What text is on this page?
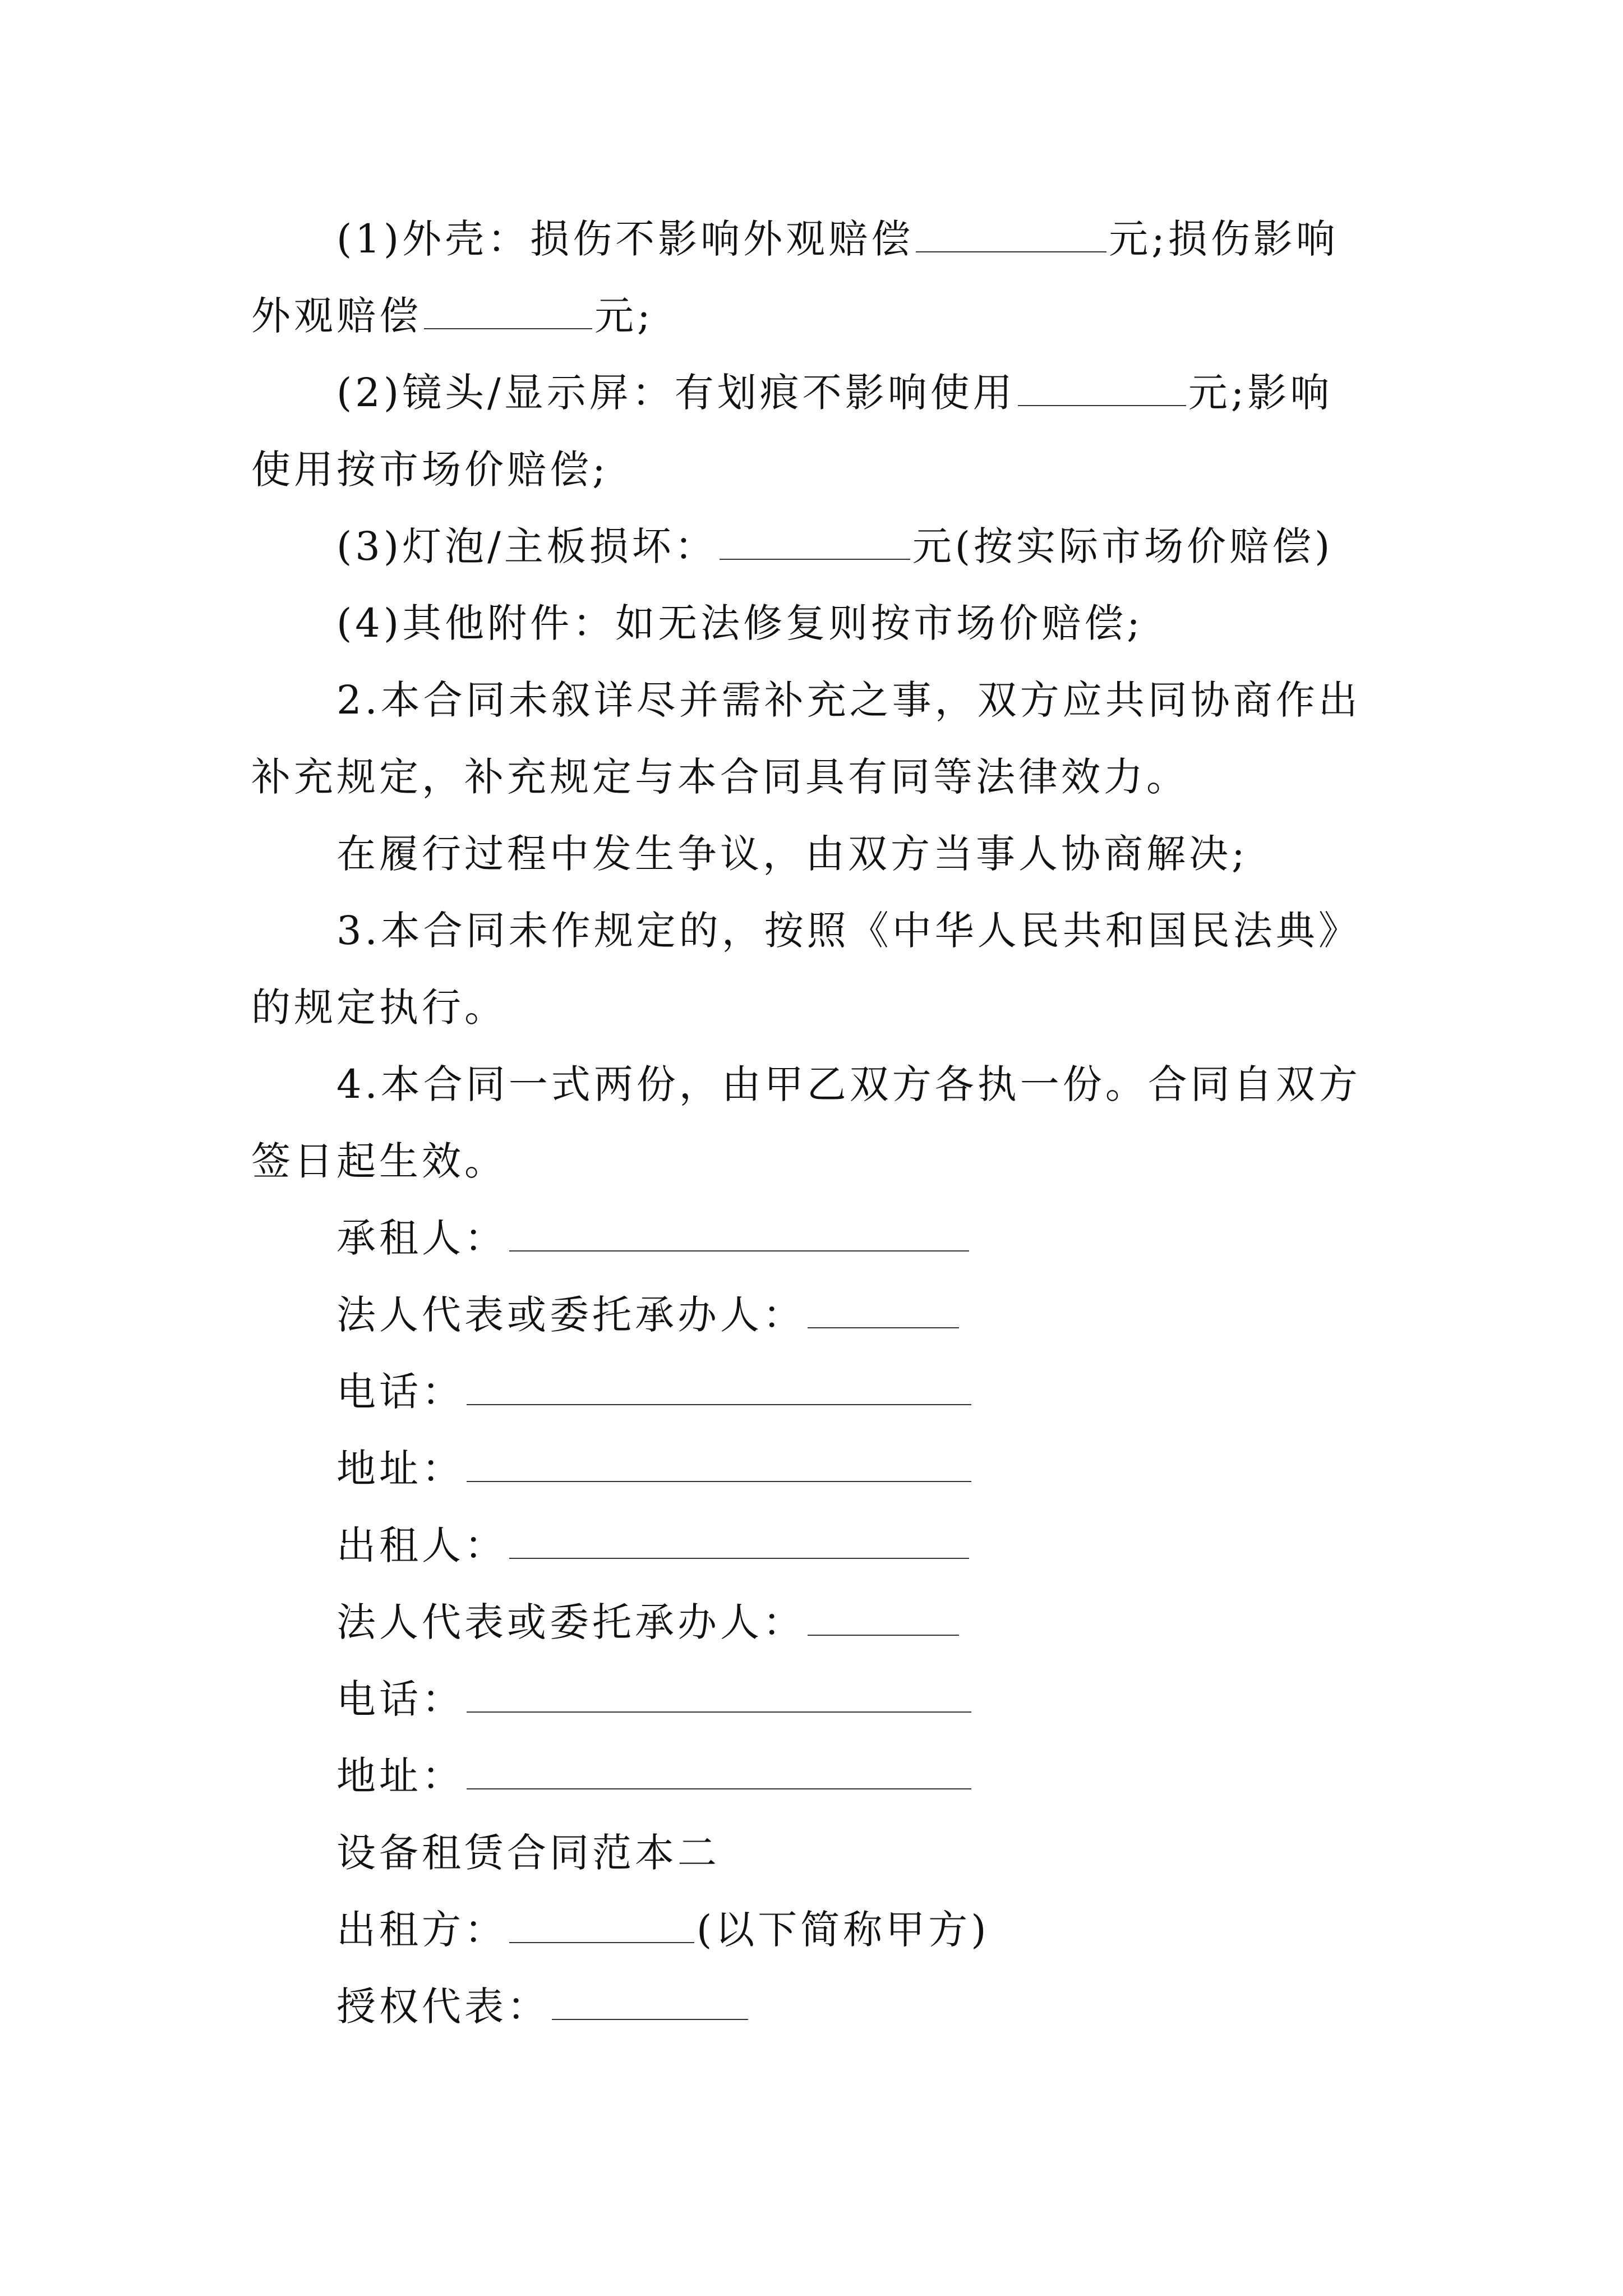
(1)外壳：损伤不影响外观赔偿	元;损伤影响
外观赔偿	元;
(2)镜头/显示屏：有划痕不影响使用	元;影响
使用按市场价赔偿;
(3)灯泡/主板损坏：	元(按实际市场价赔偿)
(4)其他附件：如无法修复则按市场价赔偿;
2.本合同未叙详尽并需补充之事，双方应共同协商作出
补充规定，补充规定与本合同具有同等法律效力。
在履行过程中发生争议，由双方当事人协商解决;
3.本合同未作规定的，按照《中华人民共和国民法典》
的规定执行。
4.本合同一式两份，由甲乙双方各执一份。合同自双方
签日起生效。
承租人：
法人代表或委托承办人：
电话：
地址：
出租人：
法人代表或委托承办人：
电话：
地址：
设备租赁合同范本二
出租方：	(以下简称甲方)
授权代表：
